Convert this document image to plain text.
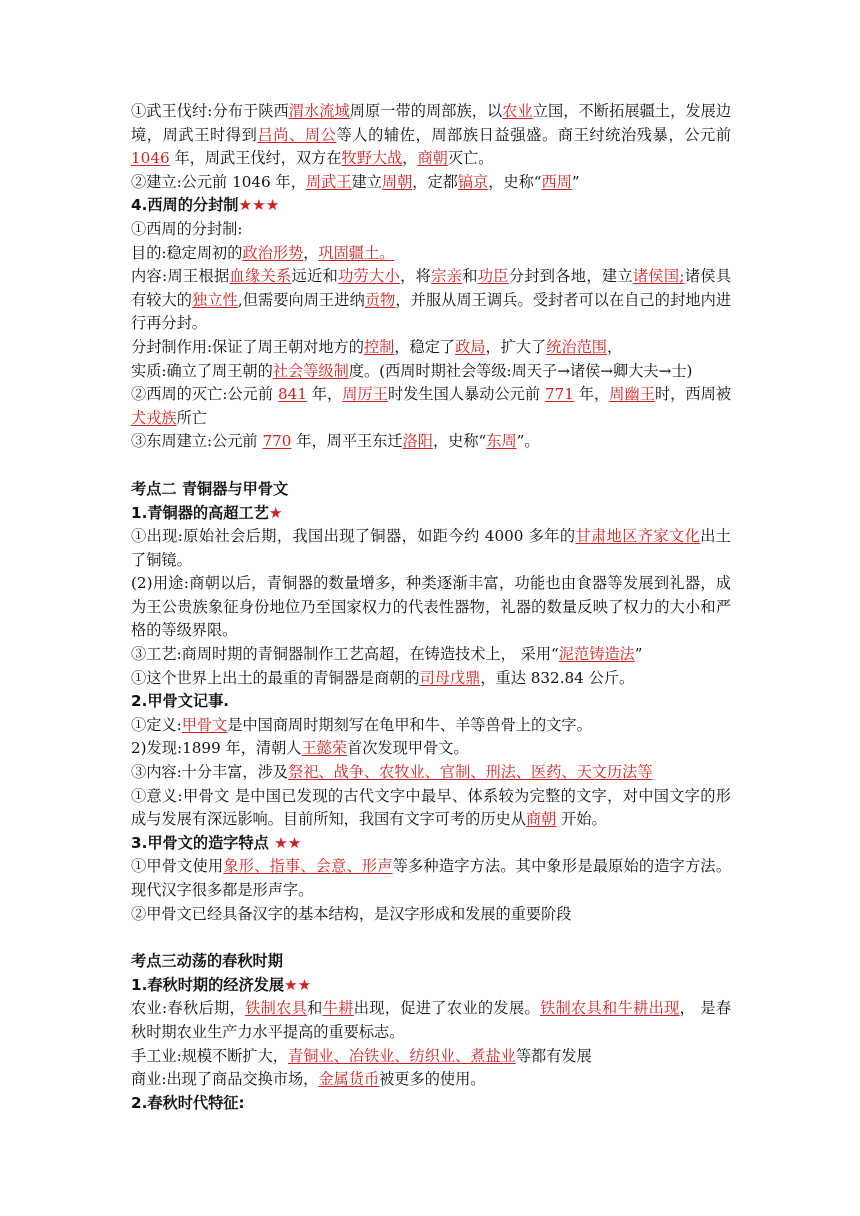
①武王伐纣:分布于陕西渭水流域周原一带的周部族，以农业立国，不断拓展疆土，发展边境，周武王时得到吕尚、周公等人的辅佐，周部族日益强盛。商王纣统治残暴，公元前 1046 年，周武王伐纣，双方在牧野大战，商朝灭亡。
②建立:公元前 1046 年，周武王建立周朝，定都镐京，史称“西周”
4.西周的分封制★★★
①西周的分封制:
目的:稳定周初的政治形势，巩固疆土。
内容:周王根据血缘关系远近和功劳大小，将宗亲和功臣分封到各地，建立诸侯国;诸侯具有较大的独立性,但需要向周王进纳贡物，并服从周王调兵。受封者可以在自己的封地内进行再分封。
分封制作用:保证了周王朝对地方的控制，稳定了政局，扩大了统治范围，
实质:确立了周王朝的社会等级制度。(西周时期社会等级:周天子→诸侯→卿大夫→士)
②西周的灭亡:公元前 841 年，周厉王时发生国人暴动公元前 771 年，周幽王时，西周被犬戎族所亡
③东周建立:公元前 770 年，周平王东迁洛阳，史称“东周”。
考点二 青铜器与甲骨文
1.青铜器的高超工艺★
①出现:原始社会后期，我国出现了铜器，如距今约 4000 多年的甘肃地区齐家文化出土了铜镜。
(2)用途:商朝以后，青铜器的数量增多，种类逐渐丰富，功能也由食器等发展到礼器，成为王公贵族象征身份地位乃至国家权力的代表性器物，礼器的数量反映了权力的大小和严格的等级界限。
③工艺:商周时期的青铜器制作工艺高超，在铸造技术上， 采用“泥范铸造法”
①这个世界上出土的最重的青铜器是商朝的司母戊鼎，重达 832.84 公斤。
2.甲骨文记事.
①定义:甲骨文是中国商周时期刻写在龟甲和牛、羊等兽骨上的文字。
2)发现:1899 年，清朝人王懿荣首次发现甲骨文。
③内容:十分丰富，涉及祭祀、战争、农牧业、官制、刑法、医药、天文历法等
①意义:甲骨文 是中国已发现的古代文字中最早、体系较为完整的文字，对中国文字的形成与发展有深远影响。目前所知，我国有文字可考的历史从商朝 开始。
3.甲骨文的造字特点 ★★
①甲骨文使用象形、指事、会意、形声等多种造字方法。其中象形是最原始的造字方法。现代汉字很多都是形声字。
②甲骨文已经具备汉字的基本结构，是汉字形成和发展的重要阶段
考点三动荡的春秋时期
1.春秋时期的经济发展★★
农业:春秋后期，铁制农具和牛耕出现，促进了农业的发展。铁制农具和牛耕出现， 是春秋时期农业生产力水平提高的重要标志。
手工业:规模不断扩大，青铜业、冶铁业、纺织业、煮盐业等都有发展
商业:出现了商品交换市场，金属货币被更多的使用。
2.春秋时代特征:
